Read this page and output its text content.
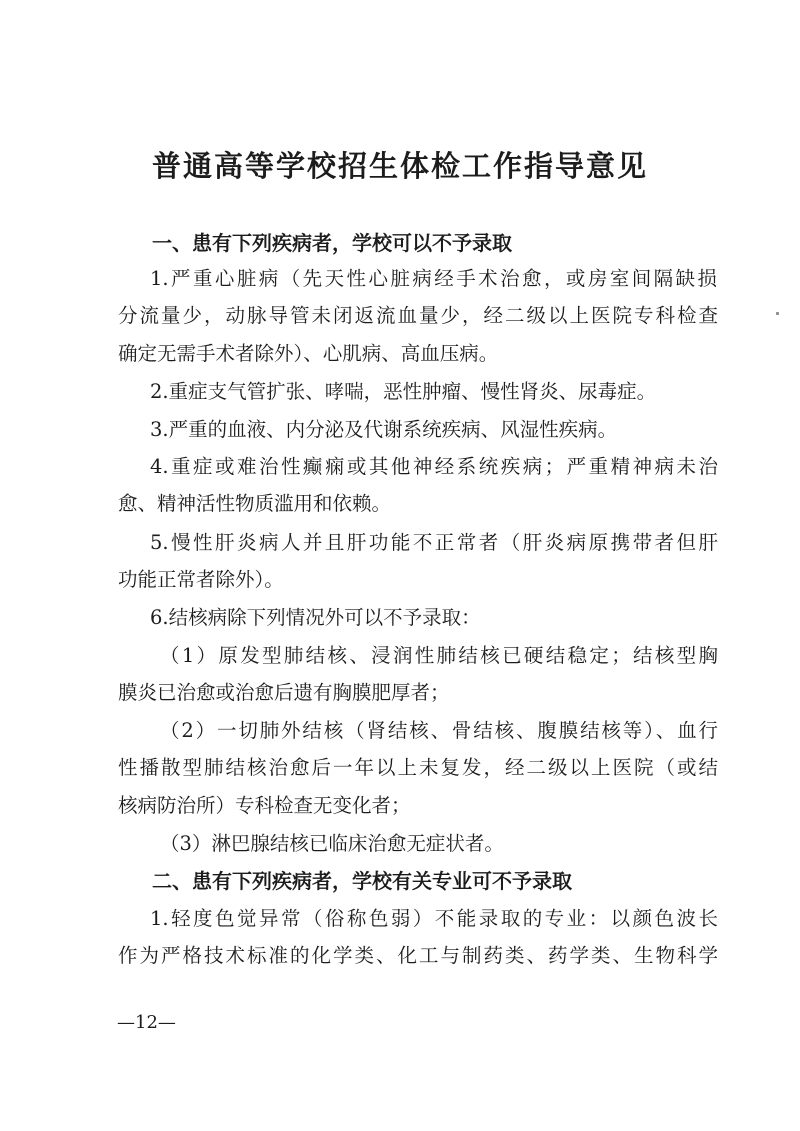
普通高等学校招生体检工作指导意见
一、患有下列疾病者，学校可以不予录取
1.严重心脏病（先天性心脏病经手术治愈，或房室间隔缺损
分流量少，动脉导管未闭返流血量少，经二级以上医院专科检查
确定无需手术者除外）、心肌病、高血压病。
2.重症支气管扩张、哮喘，恶性肿瘤、慢性肾炎、尿毒症。
3.严重的血液、内分泌及代谢系统疾病、风湿性疾病。
4.重症或难治性癫痫或其他神经系统疾病；严重精神病未治
愈、精神活性物质滥用和依赖。
5.慢性肝炎病人并且肝功能不正常者（肝炎病原携带者但肝
功能正常者除外）。
6.结核病除下列情况外可以不予录取：
（1）原发型肺结核、浸润性肺结核已硬结稳定；结核型胸
膜炎已治愈或治愈后遗有胸膜肥厚者；
（2）一切肺外结核（肾结核、骨结核、腹膜结核等）、血行
性播散型肺结核治愈后一年以上未复发，经二级以上医院（或结
核病防治所）专科检查无变化者；
（3）淋巴腺结核已临床治愈无症状者。
二、患有下列疾病者，学校有关专业可不予录取
1.轻度色觉异常（俗称色弱）不能录取的专业：以颜色波长
作为严格技术标准的化学类、化工与制药类、药学类、生物科学
—12—
